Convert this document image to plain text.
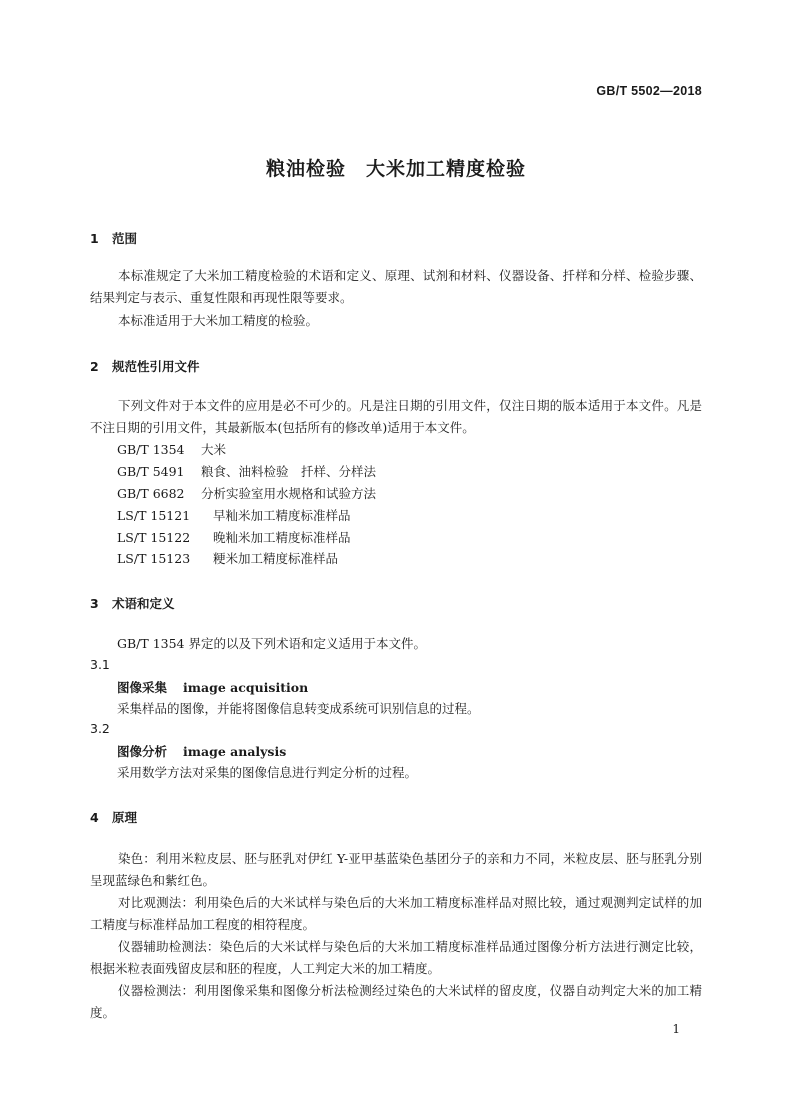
GB/T 5502—2018
粮油检验　大米加工精度检验
1 范围
本标准规定了大米加工精度检验的术语和定义、原理、试剂和材料、仪器设备、扦样和分样、检验步骤、结果判定与表示、重复性限和再现性限等要求。
本标准适用于大米加工精度的检验。
2 规范性引用文件
下列文件对于本文件的应用是必不可少的。凡是注日期的引用文件，仅注日期的版本适用于本文件。凡是不注日期的引用文件，其最新版本(包括所有的修改单)适用于本文件。
GB/T 1354 大米
GB/T 5491 粮食、油料检验　扦样、分样法
GB/T 6682 分析实验室用水规格和试验方法
LS/T 15121 早籼米加工精度标准样品
LS/T 15122 晚籼米加工精度标准样品
LS/T 15123 粳米加工精度标准样品
3 术语和定义
GB/T 1354 界定的以及下列术语和定义适用于本文件。
3.1
图像采集 image acquisition
采集样品的图像，并能将图像信息转变成系统可识别信息的过程。
3.2
图像分析 image analysis
采用数学方法对采集的图像信息进行判定分析的过程。
4 原理
染色：利用米粒皮层、胚与胚乳对伊红 Y-亚甲基蓝染色基团分子的亲和力不同，米粒皮层、胚与胚乳分别呈现蓝绿色和紫红色。
对比观测法：利用染色后的大米试样与染色后的大米加工精度标准样品对照比较，通过观测判定试样的加工精度与标准样品加工程度的相符程度。
仪器辅助检测法：染色后的大米试样与染色后的大米加工精度标准样品通过图像分析方法进行测定比较，根据米粒表面残留皮层和胚的程度，人工判定大米的加工精度。
仪器检测法：利用图像采集和图像分析法检测经过染色的大米试样的留皮度，仪器自动判定大米的加工精度。
1
